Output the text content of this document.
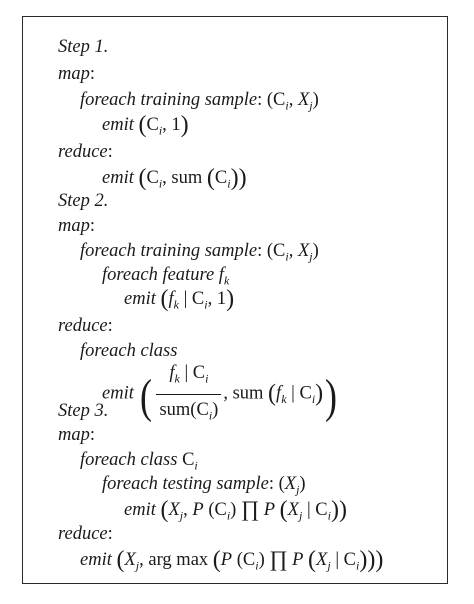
Step 1.
map:
foreach training sample: ($C_i$, $X_j$)
emit ($C_i$, 1)
reduce:
emit ($C_i$, sum $(C_i)$)
Step 2.
map:
foreach training sample: ($C_i$, $X_j$)
foreach feature $f_k$
emit ($f_k$ | $C_i$, 1)
reduce:
foreach class
emit ( $\frac{f_k | C_i}{sum(C_i)}$ , sum ($f_k$ | $C_i$))
Step 3.
map:
foreach class $C_i$
foreach testing sample: $(X_j)$
emit ($X_j$, P $(C_i)$ ∏ P ($X_j$ | $C_i$))
reduce:
emit ($X_j$, arg max (P $(C_i)$ ∏ P ($X_j$ | $C_i$)))
